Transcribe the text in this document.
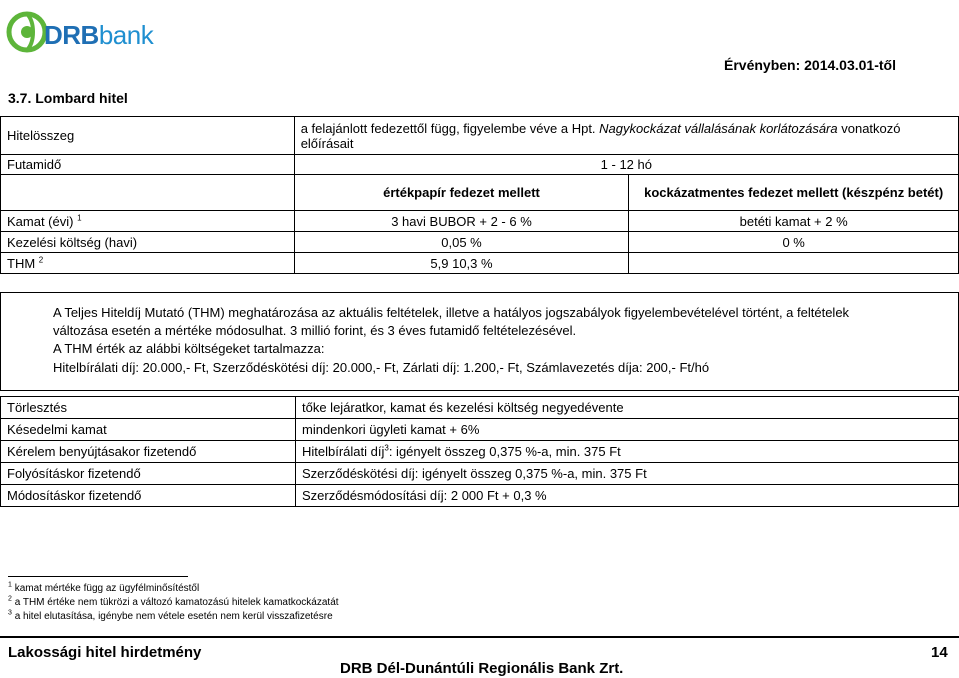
DRBbank
Érvényben: 2014.03.01-től
3.7. Lombard hitel
Hitelösszeg	a felajánlott fedezettől függ, figyelembe véve a Hpt. Nagykockázat vállalásának korlátozására vonatkozó előírásait	
Futamidő	1 - 12 hó	
	értékpapír fedezet mellett	kockázatmentes fedezet mellett (készpénz betét)
Kamat (évi) $^1$	3 havi BUBOR + 2 - 6 %	betéti kamat + 2 %
Kezelési költség (havi)	0,05 %	0 %
THM $^2$	5,9 10,3 %	
A Teljes Hiteldíj Mutató (THM) meghatározása az aktuális feltételek, illetve a hatályos jogszabályok figyelembevételével történt, a feltételek
változása esetén a mértéke módosulhat. 3 millió forint, és 3 éves futamidő feltételezésével.
A THM érték az alábbi költségeket tartalmazza:
Hitelbírálati díj: 20.000,- Ft, Szerződéskötési díj: 20.000,- Ft, Zárlati díj: 1.200,- Ft, Számlavezetés díja: 200,- Ft/hó
Törlesztés	tőke lejáratkor, kamat és kezelési költség negyedévente
Késedelmi kamat	mindenkori ügyleti kamat + 6%
Kérelem benyújtásakor fizetendő	Hitelbírálati díj$^3$: igényelt összeg 0,375 %-a, min. 375 Ft
Folyósításkor fizetendő	Szerződéskötési díj: igényelt összeg 0,375 %-a, min. 375 Ft
Módosításkor fizetendő	Szerződésmódosítási díj: 2 000 Ft + 0,3 %
$^1$ kamat mértéke függ az ügyfélminősítéstől
$^2$ a THM értéke nem tükrözi a változó kamatozású hitelek kamatkockázatát
$^3$ a hitel elutasítása, igénybe nem vétele esetén nem kerül visszafizetésre
Lakossági hitel hirdetmény	14
DRB Dél-Dunántúli Regionális Bank Zrt.
